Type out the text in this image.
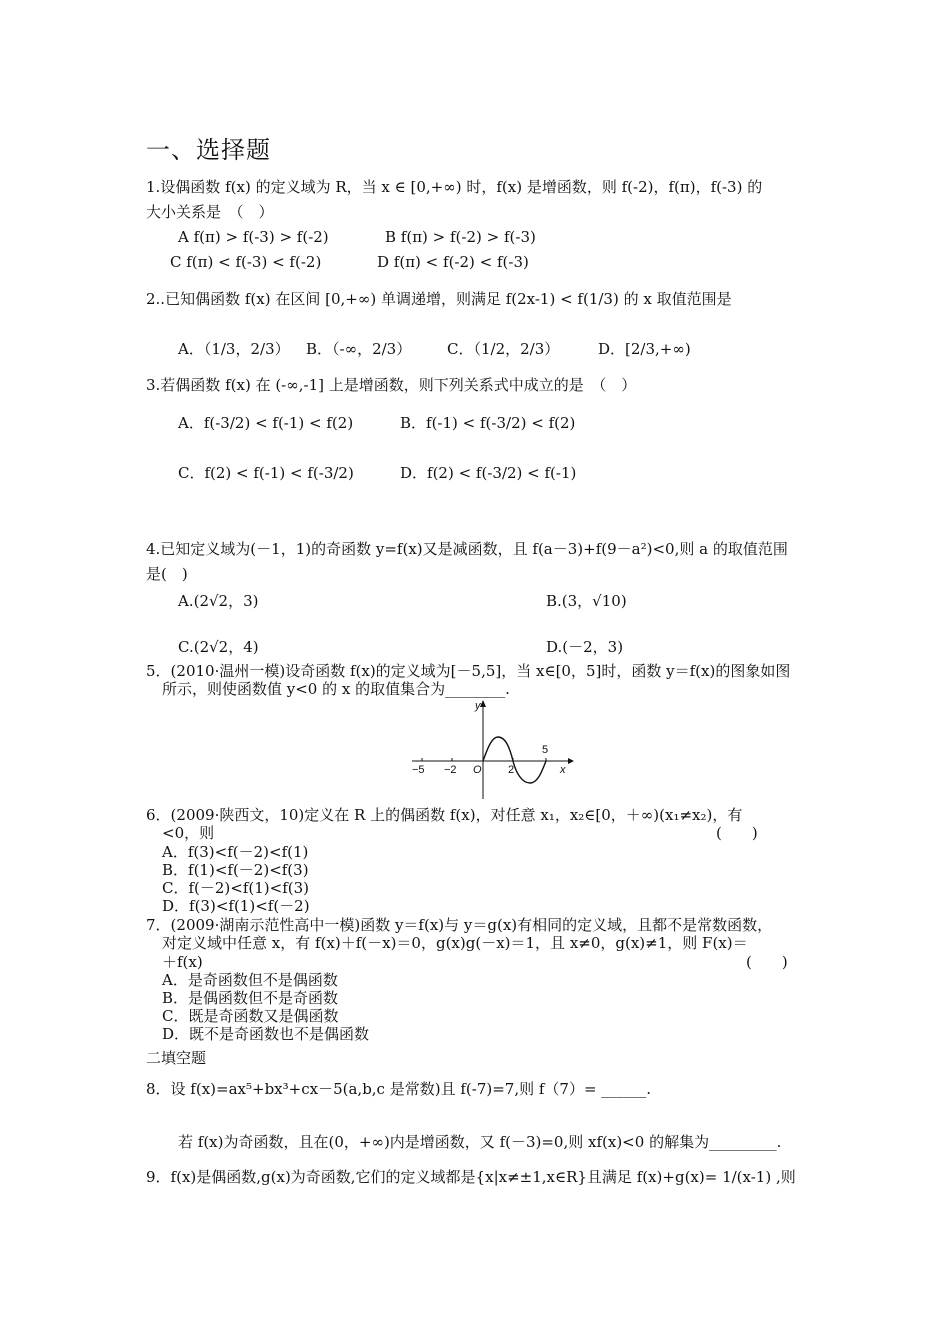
一、选择题
1.设偶函数 f(x) 的定义域为 R，当 x ∈ [0,+∞) 时，f(x) 是增函数，则 f(-2)，f(π)，f(-3) 的
大小关系是　（　）
A f(π) > f(-3) > f(-2)	B f(π) > f(-2) > f(-3)
C f(π) < f(-3) < f(-2)	D f(π) < f(-2) < f(-3)
2..已知偶函数 f(x) 在区间 [0,+∞) 单调递增，则满足 f(2x-1) < f(1/3) 的 x 取值范围是
A．（1/3，2/3） B．（-∞，2/3） C．（1/2，2/3）	D．[2/3,+∞)
3.若偶函数 f(x) 在 (-∞,-1] 上是增函数，则下列关系式中成立的是　（　）
A．f(-3/2) < f(-1) < f(2)	B．f(-1) < f(-3/2) < f(2)
C．f(2) < f(-1) < f(-3/2)	D．f(2) < f(-3/2) < f(-1)
4.已知定义域为(－1，1)的奇函数 y=f(x)又是减函数，且 f(a－3)+f(9－a²)<0,则 a 的取值范围
是(　)
A.(2√2，3)	B.(3，√10)
C.(2√2，4)	D.(－2，3)
5．(2010·温州一模)设奇函数 f(x)的定义域为[－5,5]，当 x∈[0，5]时，函数 y＝f(x)的图象如图
所示，则使函数值 y<0 的 x 的取值集合为________.
y
x
O
−5 −2	2
5
6．(2009·陕西文，10)定义在 R 上的偶函数 f(x)，对任意 x₁，x₂∈[0，＋∞)(x₁≠x₂)，有
<0，则	(　　)
A．f(3)<f(－2)<f(1)
B．f(1)<f(－2)<f(3)
C．f(－2)<f(1)<f(3)
D．f(3)<f(1)<f(－2)
7．(2009·湖南示范性高中一模)函数 y＝f(x)与 y＝g(x)有相同的定义域，且都不是常数函数，
对定义域中任意 x，有 f(x)＋f(－x)＝0，g(x)g(－x)＝1，且 x≠0，g(x)≠1，则 F(x)＝
＋f(x)	(　　)
A．是奇函数但不是偶函数
B．是偶函数但不是奇函数
C．既是奇函数又是偶函数
D．既不是奇函数也不是偶函数
二填空题
8．设 f(x)=ax⁵+bx³+cx－5(a,b,c 是常数)且 f(-7)=7,则 f（7）= ______.
若 f(x)为奇函数，且在(0，+∞)内是增函数，又 f(－3)=0,则 xf(x)<0 的解集为_________.
9．f(x)是偶函数,g(x)为奇函数,它们的定义域都是{x|x≠±1,x∈R}且满足 f(x)+g(x)= 1/(x-1) ,则
